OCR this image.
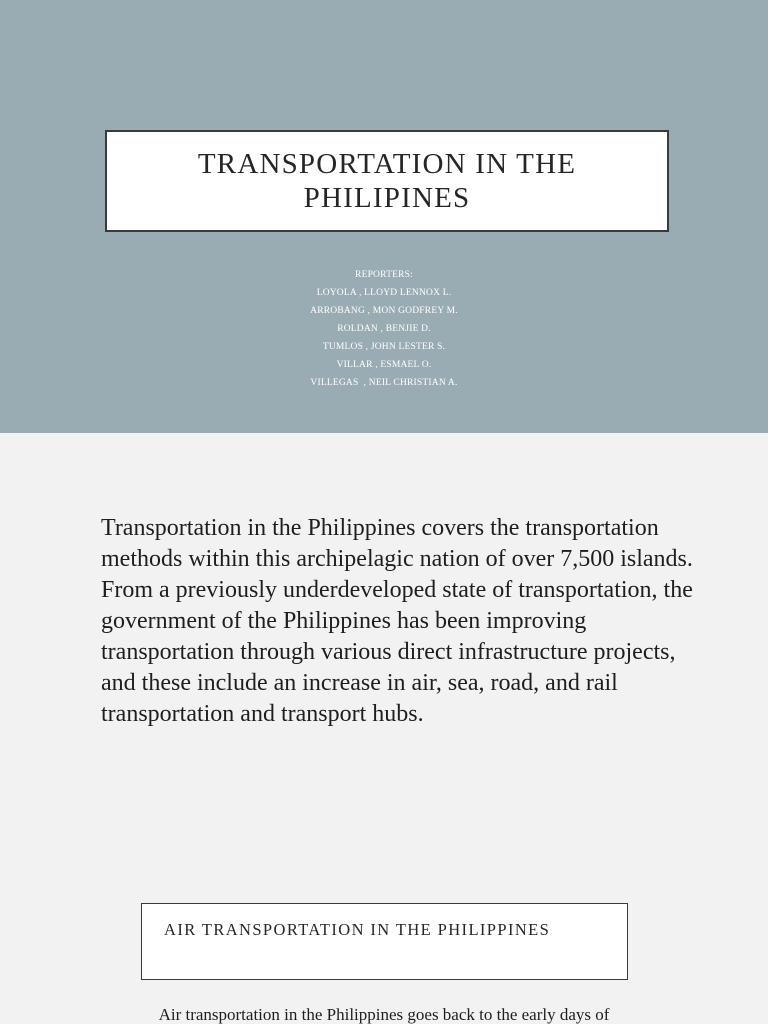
TRANSPORTATION IN THE PHILIPINES
REPORTERS:
LOYOLA , LLOYD LENNOX L.
ARROBANG , MON GODFREY M.
ROLDAN , BENJIE D.
TUMLOS , JOHN LESTER S.
VILLAR , ESMAEL O.
VILLEGAS  , NEIL CHRISTIAN A.

Transportation in the Philippines covers the transportation methods within this archipelagic nation of over 7,500 islands. From a previously underdeveloped state of transportation, the government of the Philippines has been improving transportation through various direct infrastructure projects, and these include an increase in air, sea, road, and rail transportation and transport hubs.

AIR TRANSPORTATION IN THE PHILIPPINES

Air transportation in the Philippines goes back to the early days of
